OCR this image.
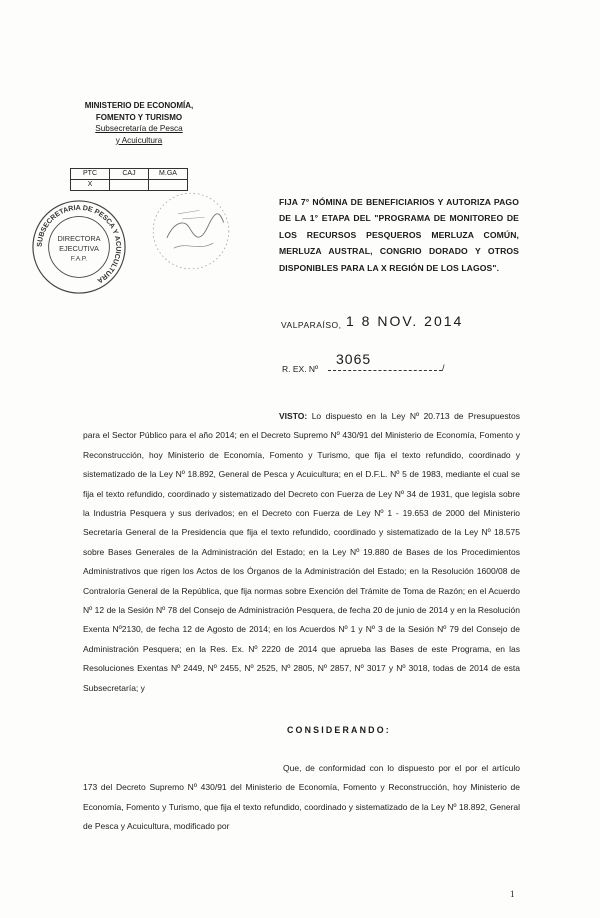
MINISTERIO DE ECONOMÍA,
FOMENTO Y TURISMO
Subsecretaría de Pesca
y Acuicultura
PTC	CAJ	M.GA
X		
SUBSECRETARIA DE PESCA Y ACUICULTURA
DIRECTORA
EJECUTIVA
F.A.P.
FIJA 7° NÓMINA DE BENEFICIARIOS Y AUTORIZA PAGO DE LA 1° ETAPA DEL "PROGRAMA DE MONITOREO DE LOS RECURSOS PESQUEROS MERLUZA COMÚN, MERLUZA AUSTRAL, CONGRIO DORADO Y OTROS DISPONIBLES PARA LA X REGIÓN DE LOS LAGOS".
VALPARAÍSO, 1 8 NOV. 2014
R. EX. Nº
3065
/
VISTO: Lo dispuesto en la Ley Nº 20.713 de Presupuestos para el Sector Público para el año 2014; en el Decreto Supremo Nº 430/91 del Ministerio de Economía, Fomento y Reconstrucción, hoy Ministerio de Economía, Fomento y Turismo, que fija el texto refundido, coordinado y sistematizado de la Ley Nº 18.892, General de Pesca y Acuicultura; en el D.F.L. Nº 5 de 1983, mediante el cual se fija el texto refundido, coordinado y sistematizado del Decreto con Fuerza de Ley Nº 34 de 1931, que legisla sobre la Industria Pesquera y sus derivados; en el Decreto con Fuerza de Ley Nº 1 - 19.653 de 2000 del Ministerio Secretaría General de la Presidencia que fija el texto refundido, coordinado y sistematizado de la Ley Nº 18.575 sobre Bases Generales de la Administración del Estado; en la Ley Nº 19.880 de Bases de los Procedimientos Administrativos que rigen los Actos de los Órganos de la Administración del Estado; en la Resolución 1600/08 de Contraloría General de la República, que fija normas sobre Exención del Trámite de Toma de Razón; en el Acuerdo Nº 12 de la Sesión Nº 78 del Consejo de Administración Pesquera, de fecha 20 de junio de 2014 y en la Resolución Exenta Nº2130, de fecha 12 de Agosto de 2014; en los Acuerdos Nº 1 y Nº 3 de la Sesión Nº 79 del Consejo de Administración Pesquera; en la Res. Ex. Nº 2220 de 2014 que aprueba las Bases de este Programa, en las Resoluciones Exentas Nº 2449, Nº 2455, Nº 2525, Nº 2805, Nº 2857, Nº 3017 y Nº 3018, todas de 2014 de esta Subsecretaría; y
CONSIDERANDO:
Que, de conformidad con lo dispuesto por el por el artículo 173 del Decreto Supremo Nº 430/91 del Ministerio de Economía, Fomento y Reconstrucción, hoy Ministerio de Economía, Fomento y Turismo, que fija el texto refundido, coordinado y sistematizado de la Ley Nº 18.892, General de Pesca y Acuicultura, modificado por
1
